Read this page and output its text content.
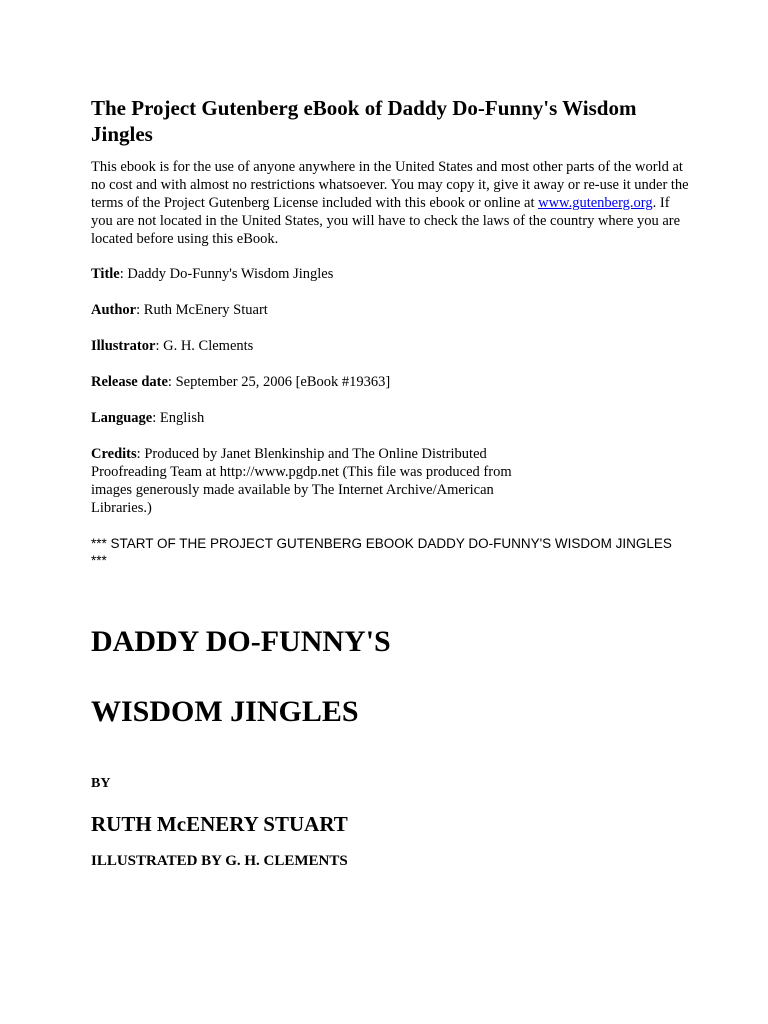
The Project Gutenberg eBook of Daddy Do-Funny's Wisdom Jingles

This ebook is for the use of anyone anywhere in the United States and most other parts of the world at no cost and with almost no restrictions whatsoever. You may copy it, give it away or re-use it under the terms of the Project Gutenberg License included with this ebook or online at www.gutenberg.org. If you are not located in the United States, you will have to check the laws of the country where you are located before using this eBook.

Title: Daddy Do-Funny's Wisdom Jingles

Author: Ruth McEnery Stuart

Illustrator: G. H. Clements

Release date: September 25, 2006 [eBook #19363]

Language: English

Credits: Produced by Janet Blenkinship and The Online Distributed Proofreading Team at http://www.pgdp.net (This file was produced from images generously made available by The Internet Archive/American Libraries.)

*** START OF THE PROJECT GUTENBERG EBOOK DADDY DO-FUNNY'S WISDOM JINGLES ***

DADDY DO-FUNNY'S
WISDOM JINGLES

BY

RUTH McENERY STUART

ILLUSTRATED BY G. H. CLEMENTS
